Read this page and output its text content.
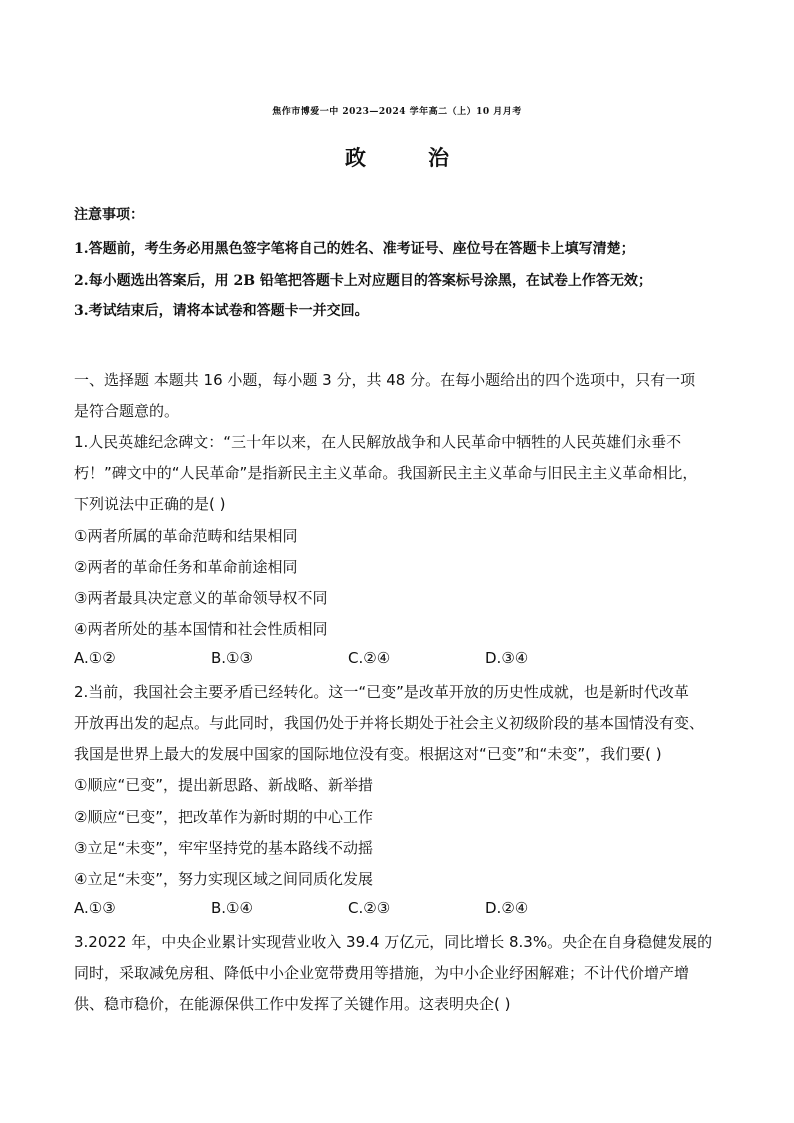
焦作市博爱一中 2023—2024 学年高二（上）10 月月考
政	治
注意事项：
1.答题前，考生务必用黑色签字笔将自己的姓名、准考证号、座位号在答题卡上填写清楚；
2.每小题选出答案后，用 2B 铅笔把答题卡上对应题目的答案标号涂黑，在试卷上作答无效；
3.考试结束后，请将本试卷和答题卡一并交回。
一、选择题 本题共 16 小题，每小题 3 分，共 48 分。在每小题给出的四个选项中，只有一项
是符合题意的。
1.人民英雄纪念碑文：“三十年以来，在人民解放战争和人民革命中牺牲的人民英雄们永垂不
朽！”碑文中的“人民革命”是指新民主主义革命。我国新民主主义革命与旧民主主义革命相比，
下列说法中正确的是( )
①两者所属的革命范畴和结果相同
②两者的革命任务和革命前途相同
③两者最具决定意义的革命领导权不同
④两者所处的基本国情和社会性质相同
A.①②	B.①③	C.②④	D.③④
2.当前，我国社会主要矛盾已经转化。这一“已变”是改革开放的历史性成就，也是新时代改革
开放再出发的起点。与此同时，我国仍处于并将长期处于社会主义初级阶段的基本国情没有变、
我国是世界上最大的发展中国家的国际地位没有变。根据这对“已变”和“未变”，我们要( )
①顺应“已变”，提出新思路、新战略、新举措
②顺应“已变”，把改革作为新时期的中心工作
③立足“未变”，牢牢坚持党的基本路线不动摇
④立足“未变”，努力实现区域之间同质化发展
A.①③	B.①④	C.②③	D.②④
3.2022 年，中央企业累计实现营业收入 39.4 万亿元，同比增长 8.3%。央企在自身稳健发展的
同时，采取减免房租、降低中小企业宽带费用等措施，为中小企业纾困解难；不计代价增产增
供、稳市稳价，在能源保供工作中发挥了关键作用。这表明央企( )
